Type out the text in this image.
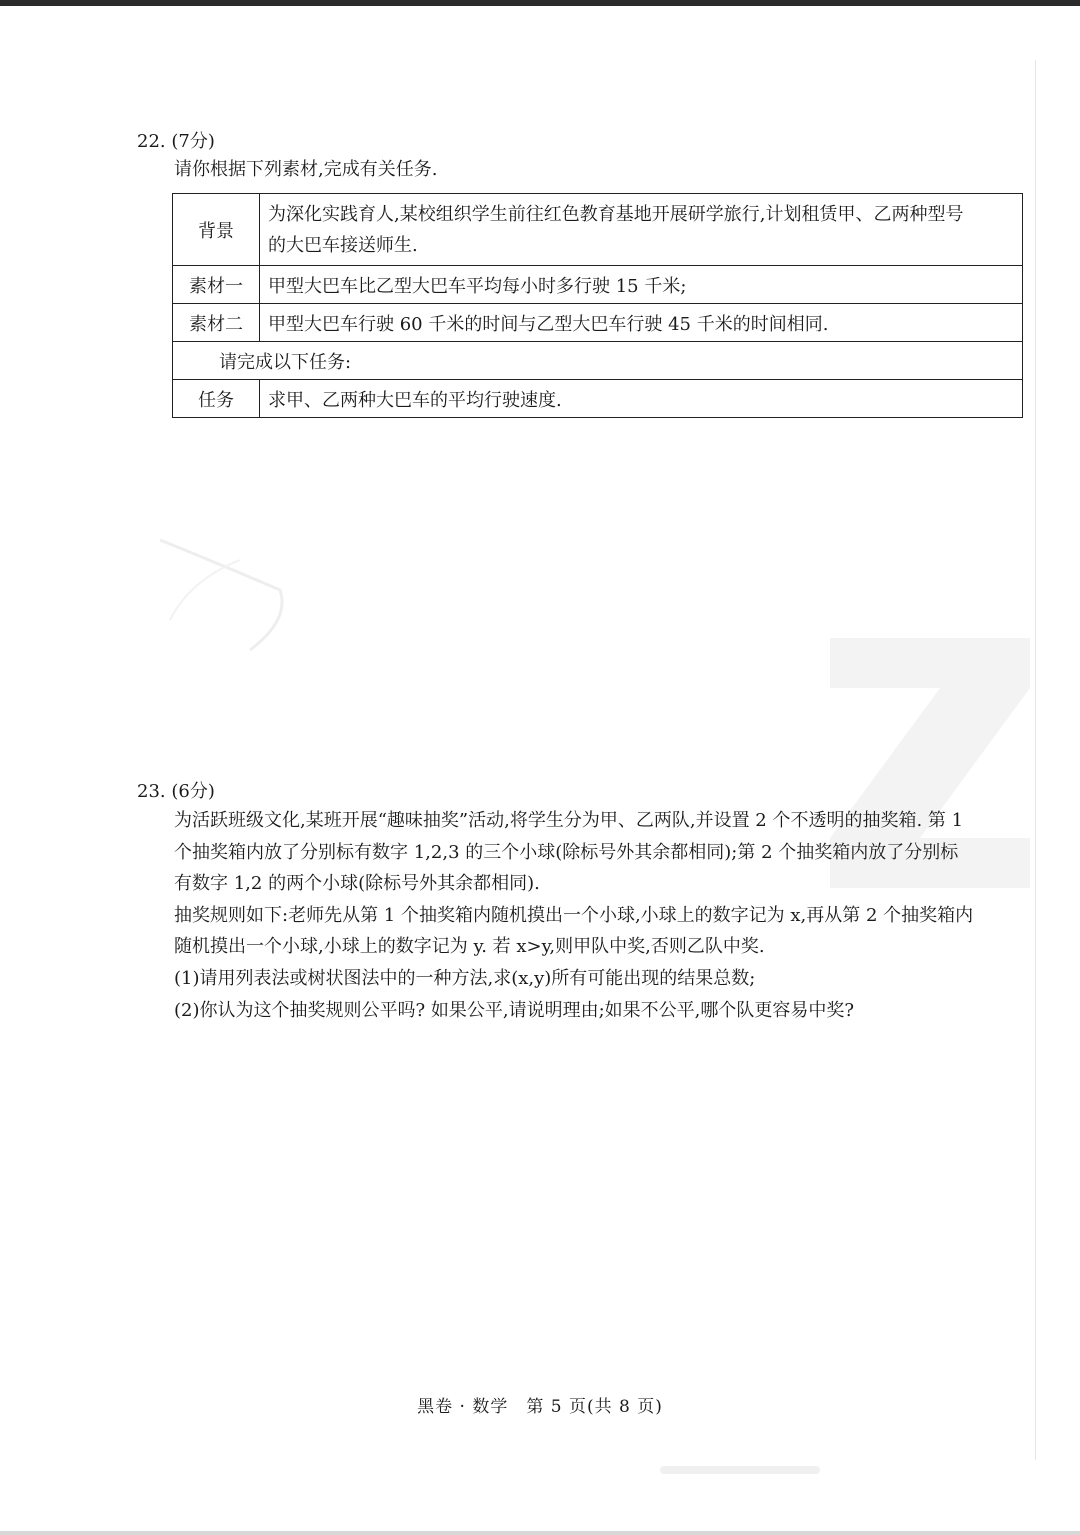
22. (7分)
请你根据下列素材,完成有关任务.
背景	为深化实践育人,某校组织学生前往红色教育基地开展研学旅行,计划租赁甲、乙两种型号
的大巴车接送师生.

素材一	甲型大巴车比乙型大巴车平均每小时多行驶 15 千米;
素材二	甲型大巴车行驶 60 千米的时间与乙型大巴车行驶 45 千米的时间相同.
请完成以下任务:	
任务	求甲、乙两种大巴车的平均行驶速度.
23. (6分)
为活跃班级文化,某班开展“趣味抽奖”活动,将学生分为甲、乙两队,并设置 2 个不透明的抽奖箱. 第 1
个抽奖箱内放了分别标有数字 1,2,3 的三个小球(除标号外其余都相同);第 2 个抽奖箱内放了分别标
有数字 1,2 的两个小球(除标号外其余都相同).
抽奖规则如下:老师先从第 1 个抽奖箱内随机摸出一个小球,小球上的数字记为 x,再从第 2 个抽奖箱内
随机摸出一个小球,小球上的数字记为 y. 若 x>y,则甲队中奖,否则乙队中奖.
(1)请用列表法或树状图法中的一种方法,求(x,y)所有可能出现的结果总数;
(2)你认为这个抽奖规则公平吗? 如果公平,请说明理由;如果不公平,哪个队更容易中奖?
黑卷 · 数学　第 5 页(共 8 页)
